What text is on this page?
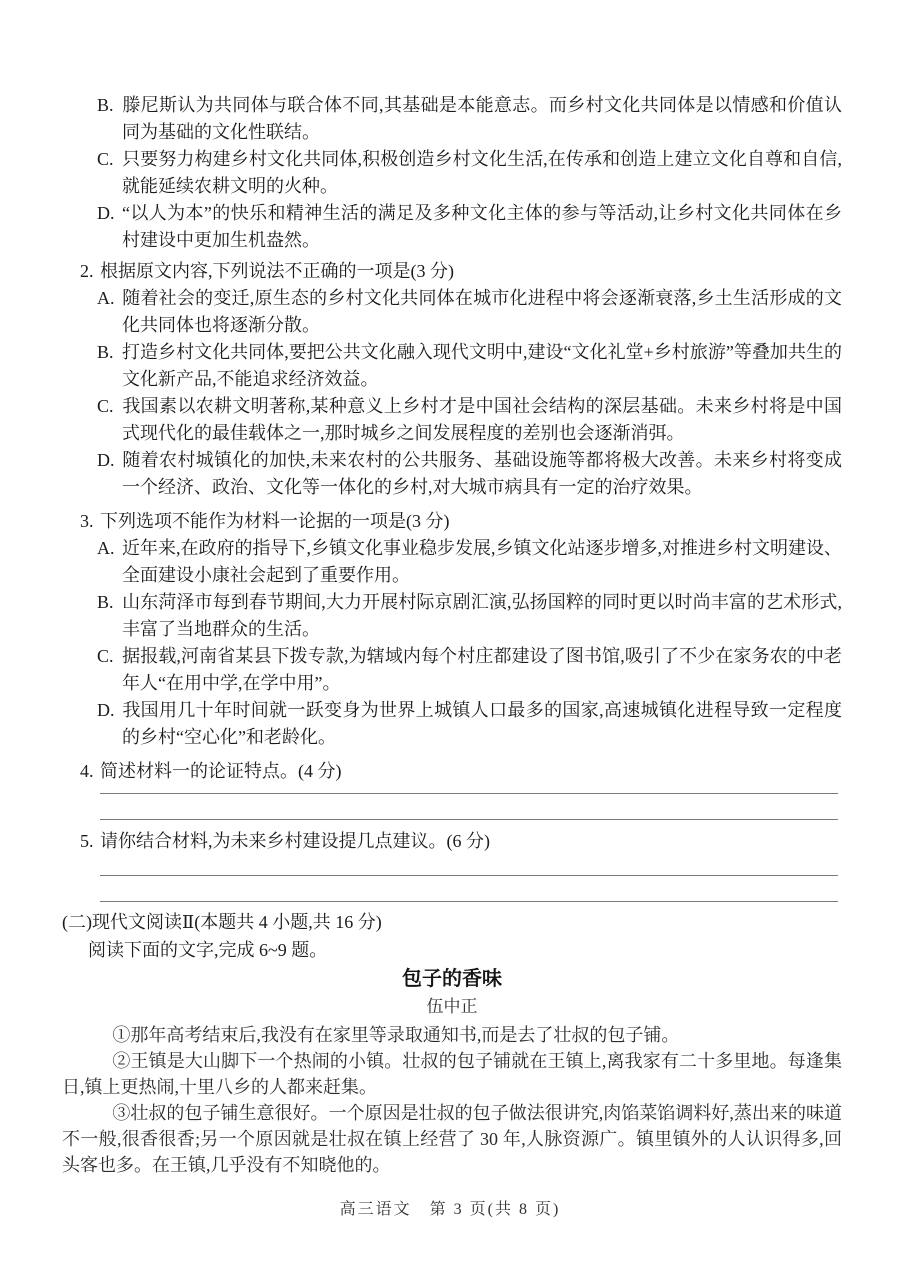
B. 滕尼斯认为共同体与联合体不同,其基础是本能意志。而乡村文化共同体是以情感和价值认同为基础的文化性联结。
C. 只要努力构建乡村文化共同体,积极创造乡村文化生活,在传承和创造上建立文化自尊和自信,就能延续农耕文明的火种。
D. “以人为本”的快乐和精神生活的满足及多种文化主体的参与等活动,让乡村文化共同体在乡村建设中更加生机盎然。
2. 根据原文内容,下列说法不正确的一项是(3 分)
A. 随着社会的变迁,原生态的乡村文化共同体在城市化进程中将会逐渐衰落,乡土生活形成的文化共同体也将逐渐分散。
B. 打造乡村文化共同体,要把公共文化融入现代文明中,建设“文化礼堂+乡村旅游”等叠加共生的文化新产品,不能追求经济效益。
C. 我国素以农耕文明著称,某种意义上乡村才是中国社会结构的深层基础。未来乡村将是中国式现代化的最佳载体之一,那时城乡之间发展程度的差别也会逐渐消弭。
D. 随着农村城镇化的加快,未来农村的公共服务、基础设施等都将极大改善。未来乡村将变成一个经济、政治、文化等一体化的乡村,对大城市病具有一定的治疗效果。
3. 下列选项不能作为材料一论据的一项是(3 分)
A. 近年来,在政府的指导下,乡镇文化事业稳步发展,乡镇文化站逐步增多,对推进乡村文明建设、全面建设小康社会起到了重要作用。
B. 山东菏泽市每到春节期间,大力开展村际京剧汇演,弘扬国粹的同时更以时尚丰富的艺术形式,丰富了当地群众的生活。
C. 据报载,河南省某县下拨专款,为辖域内每个村庄都建设了图书馆,吸引了不少在家务农的中老年人“在用中学,在学中用”。
D. 我国用几十年时间就一跃变身为世界上城镇人口最多的国家,高速城镇化进程导致一定程度的乡村“空心化”和老龄化。
4. 简述材料一的论证特点。(4 分)
5. 请你结合材料,为未来乡村建设提几点建议。(6 分)
(二)现代文阅读Ⅱ(本题共 4 小题,共 16 分)
阅读下面的文字,完成 6~9 题。
包子的香味
伍中正

①那年高考结束后,我没有在家里等录取通知书,而是去了壮叔的包子铺。

②王镇是大山脚下一个热闹的小镇。壮叔的包子铺就在王镇上,离我家有二十多里地。每逢集日,镇上更热闹,十里八乡的人都来赶集。

③壮叔的包子铺生意很好。一个原因是壮叔的包子做法很讲究,肉馅菜馅调料好,蒸出来的味道不一般,很香很香;另一个原因就是壮叔在镇上经营了 30 年,人脉资源广。镇里镇外的人认识得多,回头客也多。在王镇,几乎没有不知晓他的。

高三语文　第 3 页(共 8 页)
